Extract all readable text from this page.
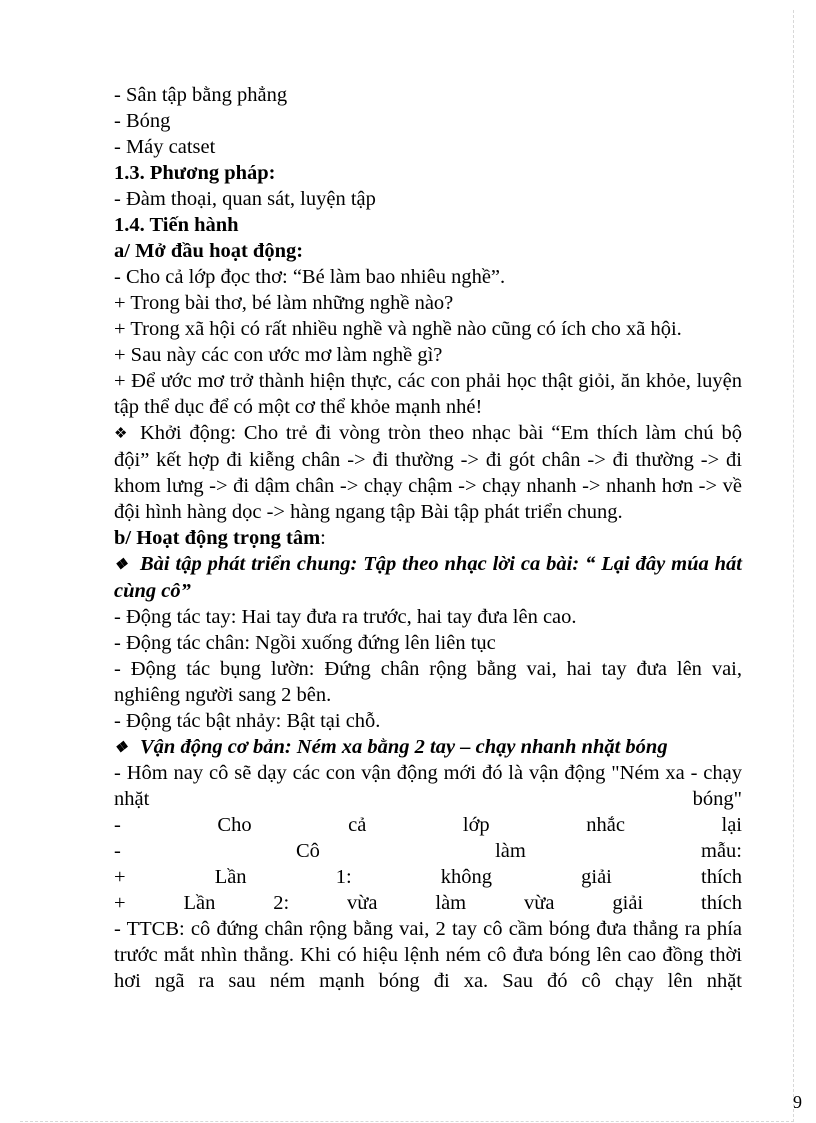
- Sân tập bằng phẳng
- Bóng
- Máy catset
1.3. Phương pháp:
- Đàm thoại, quan sát, luyện tập
1.4. Tiến hành
a/ Mở đầu hoạt động:
- Cho cả lớp đọc thơ: “Bé làm bao nhiêu nghề”.
+ Trong bài thơ, bé làm những nghề nào?
+ Trong xã hội có rất nhiều nghề và nghề nào cũng có ích cho xã hội.
+ Sau này các con ước mơ làm nghề gì?
+ Để ước mơ trở thành hiện thực, các con phải học thật giỏi, ăn khỏe, luyện tập thể dục để có một cơ thể khỏe mạnh nhé!
❖ Khởi động: Cho trẻ đi vòng tròn theo nhạc bài “Em thích làm chú bộ đội” kết hợp đi kiễng chân -> đi thường -> đi gót chân -> đi thường -> đi khom lưng -> đi dậm chân -> chạy chậm -> chạy nhanh -> nhanh hơn -> về đội hình hàng dọc -> hàng ngang tập Bài tập phát triển chung.
b/ Hoạt động trọng tâm:
❖ Bài tập phát triển chung: Tập theo nhạc lời ca bài: “ Lại đây múa hát cùng cô”
- Động tác tay: Hai tay đưa ra trước, hai tay đưa lên cao.
- Động tác chân: Ngồi xuống đứng lên liên tục
- Động tác bụng lườn: Đứng chân rộng bằng vai, hai tay đưa lên vai, nghiêng người sang 2 bên.
- Động tác bật nhảy: Bật tại chỗ.
❖ Vận động cơ bản: Ném xa bằng 2 tay – chạy nhanh nhặt bóng
- Hôm nay cô sẽ dạy các con vận động mới đó là vận động "Ném xa - chạy nhặt bóng"
- Cho cả lớp nhắc lại
- Cô làm mẫu:
+ Lần 1: không giải thích
+ Lần 2: vừa làm vừa giải thích
- TTCB: cô đứng chân rộng bằng vai, 2 tay cô cầm bóng đưa thẳng ra phía trước mắt nhìn thẳng. Khi có hiệu lệnh ném cô đưa bóng lên cao đồng thời hơi ngã ra sau ném mạnh bóng đi xa. Sau đó cô chạy lên nhặt
9
